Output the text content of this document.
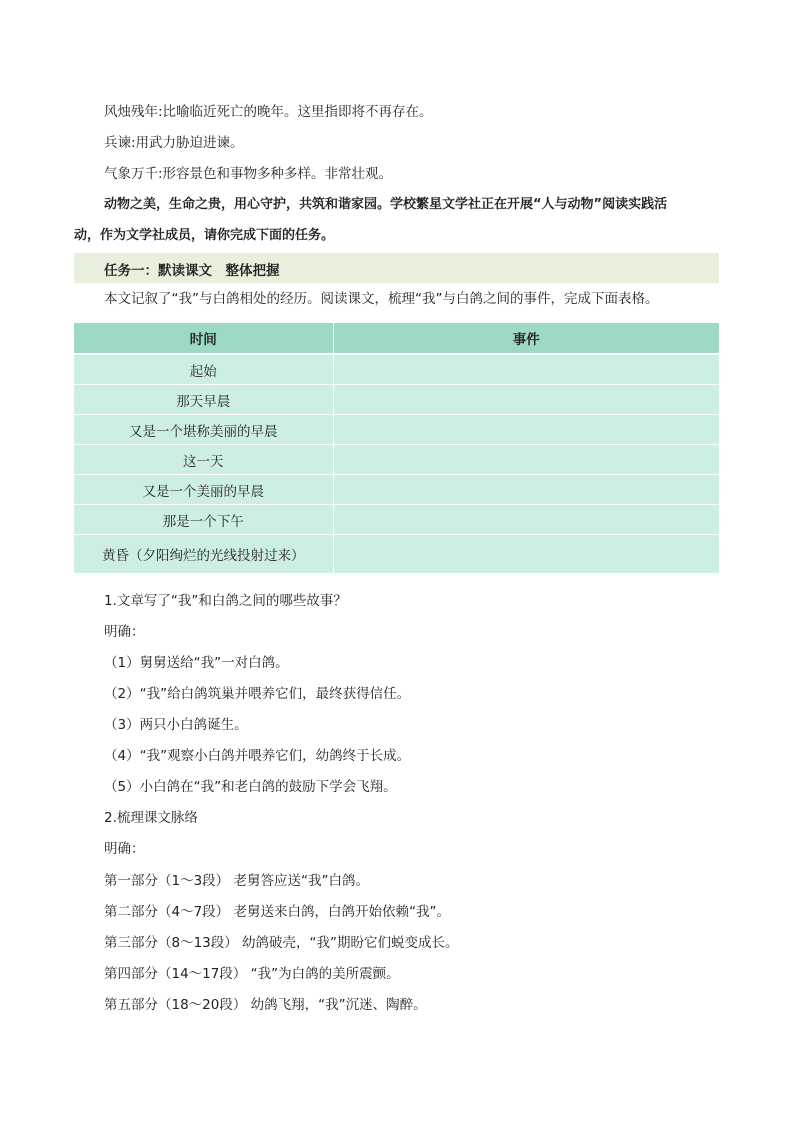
风烛残年:比喻临近死亡的晚年。这里指即将不再存在。
兵谏:用武力胁迫进谏。
气象万千:形容景色和事物多种多样。非常壮观。
动物之美，生命之贵，用心守护，共筑和谐家园。学校繁星文学社正在开展“人与动物”阅读实践活
动，作为文学社成员，请你完成下面的任务。
任务一：默读课文　整体把握
本文记叙了“我”与白鸽相处的经历。阅读课文，梳理“我”与白鸽之间的事件，完成下面表格。
时间	事件
起始	
那天早晨	
又是一个堪称美丽的早晨	
这一天	
又是一个美丽的早晨	
那是一个下午	
黄昏（夕阳绚烂的光线投射过来）	
1.文章写了“我”和白鸽之间的哪些故事？
明确：
（1）舅舅送给“我”一对白鸽。
（2）“我”给白鸽筑巢并喂养它们，最终获得信任。
（3）两只小白鸽诞生。
（4）“我”观察小白鸽并喂养它们，幼鸽终于长成。
（5）小白鸽在“我”和老白鸽的鼓励下学会飞翔。
2.梳理课文脉络
明确：
第一部分（1～3段） 老舅答应送“我”白鸽。
第二部分（4～7段） 老舅送来白鸽，白鸽开始依赖“我”。
第三部分（8～13段） 幼鸽破壳，“我”期盼它们蜕变成长。
第四部分（14～17段） “我”为白鸽的美所震颤。
第五部分（18～20段） 幼鸽飞翔，“我”沉迷、陶醉。
